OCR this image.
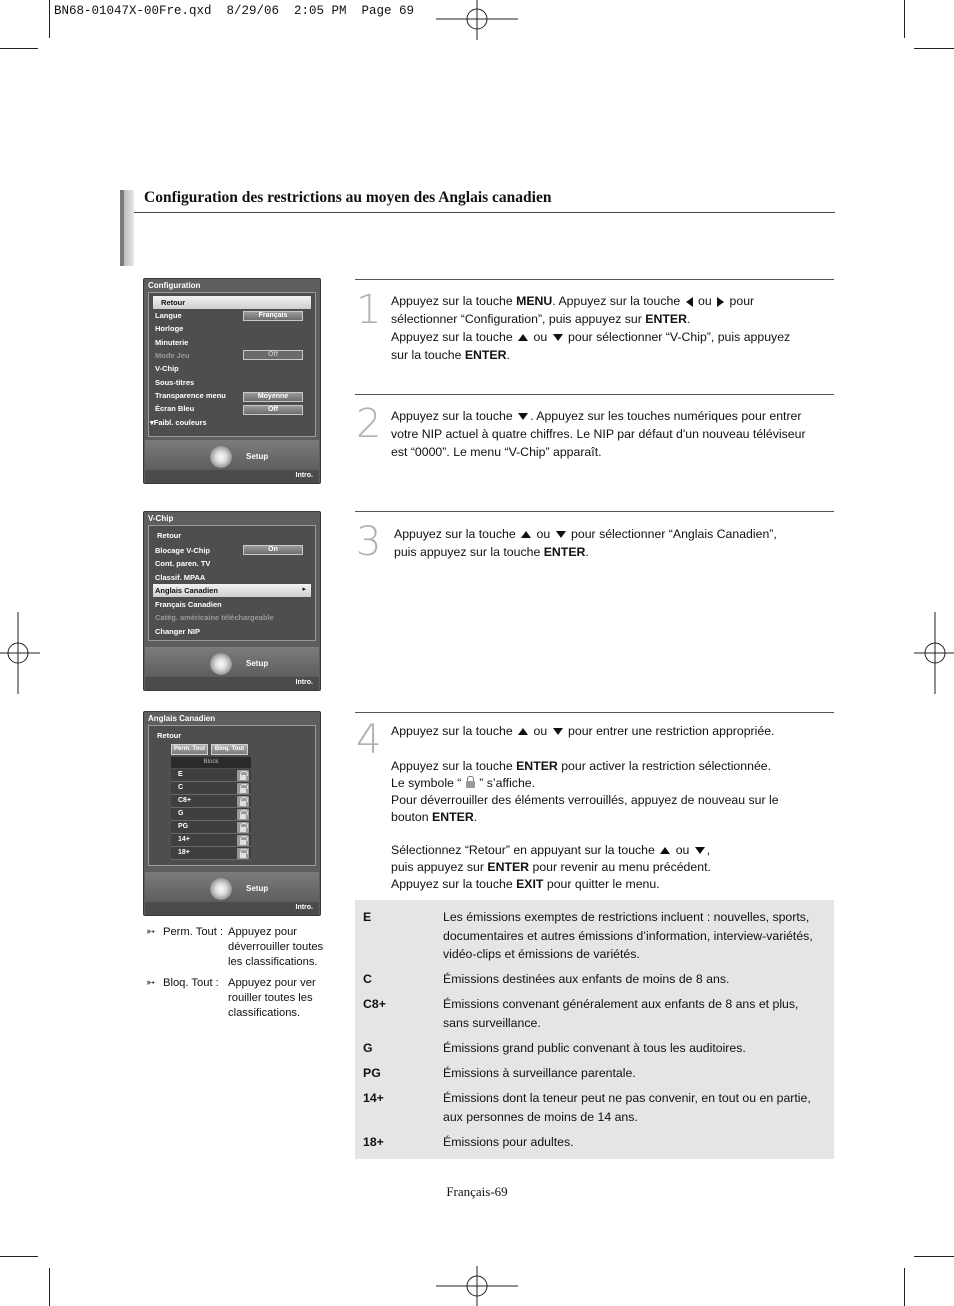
BN68-01047X-00Fre.qxd  8/29/06  2:05 PM  Page 69
Configuration des restrictions au moyen des Anglais canadien
Configuration
Retour
Langue	Français
Horloge
Minuterie
Mode Jeu	Off
V-Chip
Sous-titres
Transparence menu	Moyenne
Écran Bleu	Off
▾Faibl. couleurs
Setup
Intro.
V-Chip
Retour
Blocage V-Chip	On
Cont. paren. TV
Classif. MPAA
Anglais Canadien	▸
Français Canadien
Catég. américaine téléchargeable
Changer NIP
Setup
Intro.
Anglais Canadien
Retour
Perm. Tout	Bloq. Tout
Block
E
C
C8+
G
PG
14+
18+
Setup
Intro.
➳ Perm. Tout : Appuyez pour
déverrouiller toutes
les classifications.
➳ Bloq. Tout : Appuyez pour ver
rouiller toutes les
classifications.
1 Appuyez sur la touche MENU. Appuyez sur la touche  ou  pour

sélectionner “Configuration”, puis appuyez sur ENTER.

Appuyez sur la touche  ou  pour sélectionner “V-Chip”, puis appuyez

sur la touche ENTER.

2 Appuyez sur la touche . Appuyez sur les touches numériques pour entrer

votre NIP actuel à quatre chiffres. Le NIP par défaut d'un nouveau téléviseur

est “0000”. Le menu “V-Chip” apparaît.

3 Appuyez sur la touche  ou  pour sélectionner “Anglais Canadien”,

puis appuyez sur la touche ENTER.

4 Appuyez sur la touche  ou  pour entrer une restriction appropriée.

Appuyez sur la touche ENTER pour activer la restriction sélectionnée.

Le symbole “  ” s’affiche.

Pour déverrouiller des éléments verrouillés, appuyez de nouveau sur le

bouton ENTER.

Sélectionnez “Retour” en appuyant sur la touche  ou ,

puis appuyez sur ENTER pour revenir au menu précédent.

Appuyez sur la touche EXIT pour quitter le menu.

E	Les émissions exemptes de restrictions incluent : nouvelles, sports,

documentaires et autres émissions d’information, interview-variétés,

vidéo-clips et émissions de variétés.

C	Émissions destinées aux enfants de moins de 8 ans.

C8+	Émissions convenant généralement aux enfants de 8 ans et plus,

sans surveillance.

G	Émissions grand public convenant à tous les auditoires.

PG	Émissions à surveillance parentale.

14+	Émissions dont la teneur peut ne pas convenir, en tout ou en partie,

aux personnes de moins de 14 ans.

18+	Émissions pour adultes.

Français-69
